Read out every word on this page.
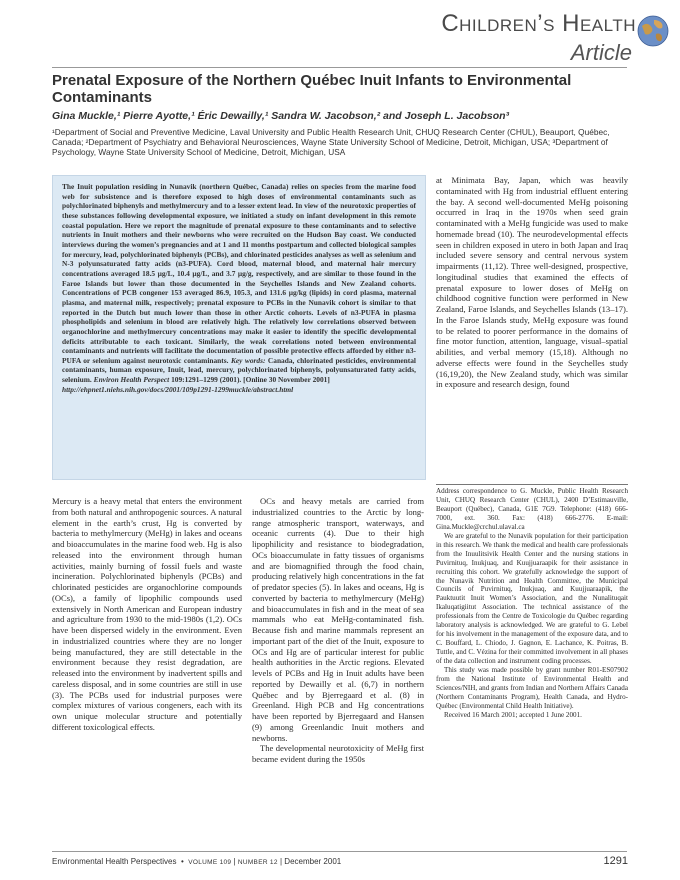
Children’s Health
Article
Prenatal Exposure of the Northern Québec Inuit Infants to Environmental Contaminants
Gina Muckle,¹ Pierre Ayotte,¹ Éric Dewailly,¹ Sandra W. Jacobson,² and Joseph L. Jacobson³
¹Department of Social and Preventive Medicine, Laval University and Public Health Research Unit, CHUQ Research Center (CHUL), Beauport, Québec, Canada; ²Department of Psychiatry and Behavioral Neurosciences, Wayne State University School of Medicine, Detroit, Michigan, USA; ³Department of Psychology, Wayne State University School of Medicine, Detroit, Michigan, USA
The Inuit population residing in Nunavik (northern Québec, Canada) relies on species from the marine food web for subsistence and is therefore exposed to high doses of environmental contaminants such as polychlorinated biphenyls and methylmercury and to a lesser extent lead. In view of the neurotoxic properties of these substances following developmental exposure, we initiated a study on infant development in this remote coastal population. Here we report the magnitude of prenatal exposure to these contaminants and to selective nutrients in Inuit mothers and their newborns who were recruited on the Hudson Bay coast. We conducted interviews during the women’s pregnancies and at 1 and 11 months postpartum and collected biological samples for mercury, lead, polychlorinated biphenyls (PCBs), and chlorinated pesticides analyses as well as selenium and N-3 polyunsaturated fatty acids (n3-PUFA). Cord blood, maternal blood, and maternal hair mercury concentrations averaged 18.5 µg/L, 10.4 µg/L, and 3.7 µg/g, respectively, and are similar to those found in the Faroe Islands but lower than those documented in the Seychelles Islands and New Zealand cohorts. Concentrations of PCB congener 153 averaged 86.9, 105.3, and 131.6 µg/kg (lipids) in cord plasma, maternal plasma, and maternal milk, respectively; prenatal exposure to PCBs in the Nunavik cohort is similar to that reported in the Dutch but much lower than those in other Arctic cohorts. Levels of n3-PUFA in plasma phospholipids and selenium in blood are relatively high. The relatively low correlations observed between organochlorine and methylmercury concentrations may make it easier to identify the specific developmental deficits attributable to each toxicant. Similarly, the weak correlations noted between environmental contaminants and nutrients will facilitate the documentation of possible protective effects afforded by either n3-PUFA or selenium against neurotoxic contaminants. Key words: Canada, chlorinated pesticides, environmental contaminants, human exposure, Inuit, lead, mercury, polychlorinated biphenyls, polyunsaturated fatty acids, selenium. Environ Health Perspect 109:1291–1299 (2001). [Online 30 November 2001]
http://ehpnet1.niehs.nih.gov/docs/2001/109p1291-1299muckle/abstract.html

at Minimata Bay, Japan, which was heavily contaminated with Hg from industrial effluent entering the bay. A second well-documented MeHg poisoning occurred in Iraq in the 1970s when seed grain contaminated with a MeHg fungicide was used to make homemade bread (10). The neurodevelopmental effects seen in children exposed in utero in both Japan and Iraq included severe sensory and central nervous system impairments (11,12). Three well-designed, prospective, longitudinal studies that examined the effects of prenatal exposure to lower doses of MeHg on childhood cognitive function were performed in New Zealand, Faroe Islands, and Seychelles Islands (13–17). In the Faroe Islands study, MeHg exposure was found to be related to poorer performance in the domains of fine motor function, attention, language, visual–spatial abilities, and verbal memory (15,18). Although no adverse effects were found in the Seychelles study (16,19,20), the New Zealand study, which was similar in exposure and research design, found

Mercury is a heavy metal that enters the environment from both natural and anthropogenic sources. A natural element in the earth’s crust, Hg is converted by bacteria to methylmercury (MeHg) in lakes and oceans and bioaccumulates in the marine food web. Hg is also released into the environment through human activities, mainly burning of fossil fuels and waste incineration. Polychlorinated biphenyls (PCBs) and chlorinated pesticides are organochlorine compounds (OCs), a family of lipophilic compounds used extensively in North American and European industry and agriculture from 1930 to the mid-1980s (1,2). OCs have been dispersed widely in the environment. Even in industrialized countries where they are no longer being manufactured, they are still detectable in the environment because they resist degradation, are released into the environment by inadvertent spills and careless disposal, and in some countries are still in use (3). The PCBs used for industrial purposes were complex mixtures of various congeners, each with its own unique molecular structure and potentially different toxicological effects.

OCs and heavy metals are carried from industrialized countries to the Arctic by long-range atmospheric transport, waterways, and oceanic currents (4). Due to their high lipophilicity and resistance to biodegradation, OCs bioaccumulate in fatty tissues of organisms and are biomagnified through the food chain, producing relatively high concentrations in the fat of predator species (5). In lakes and oceans, Hg is converted by bacteria to methylmercury (MeHg) and bioaccumulates in fish and in the meat of sea mammals who eat MeHg-contaminated fish. Because fish and marine mammals represent an important part of the diet of the Inuit, exposure to OCs and Hg are of particular interest for public health authorities in the Arctic regions. Elevated levels of PCBs and Hg in Inuit adults have been reported by Dewailly et al. (6,7) in northern Québec and by Bjerregaard et al. (8) in Greenland. High PCB and Hg concentrations have been reported by Bjerregaard and Hansen (9) among Greenlandic Inuit mothers and newborns.

The developmental neurotoxicity of MeHg first became evident during the 1950s

Address correspondence to G. Muckle, Public Health Research Unit, CHUQ Research Center (CHUL), 2400 D’Estimauville, Beauport (Québec), Canada, G1E 7G9. Telephone: (418) 666-7000, ext. 360. Fax: (418) 666-2776. E-mail: Gina.Muckle@crchul.ulaval.ca

We are grateful to the Nunavik population for their participation in this research. We thank the medical and health care professionals from the Inuulitsivik Health Center and the nursing stations in Puvirnituq, Inukjuaq, and Kuujjuaraapik for their assistance in recruiting this cohort. We gratefully acknowledge the support of the Nunavik Nutrition and Health Committee, the Municipal Councils of Puvirnituq, Inukjuaq, and Kuujjuaraapik, the Pauktuutit Inuit Women’s Association, and the Nunalituqait Ikaluqatigiitut Association. The technical assistance of the professionals from the Centre de Toxicologie du Québec regarding laboratory analysis is acknowledged. We are grateful to G. Lebel for his involvement in the management of the exposure data, and to C. Bouffard, L. Chiodo, J. Gagnon, E. Lachance, K. Poitras, B. Tuttle, and C. Vézina for their committed involvement in all phases of the data collection and instrument coding processes.

This study was made possible by grant number R01-ES07902 from the National Institute of Environmental Health and Sciences/NIH, and grants from Indian and Northern Affairs Canada (Northern Contaminants Program), Health Canada, and Hydro-Québec (Environmental Child Health Initiative).

Received 16 March 2001; accepted 1 June 2001.

Environmental Health Perspectives  •  VOLUME 109 | NUMBER 12 | December 2001	1291
